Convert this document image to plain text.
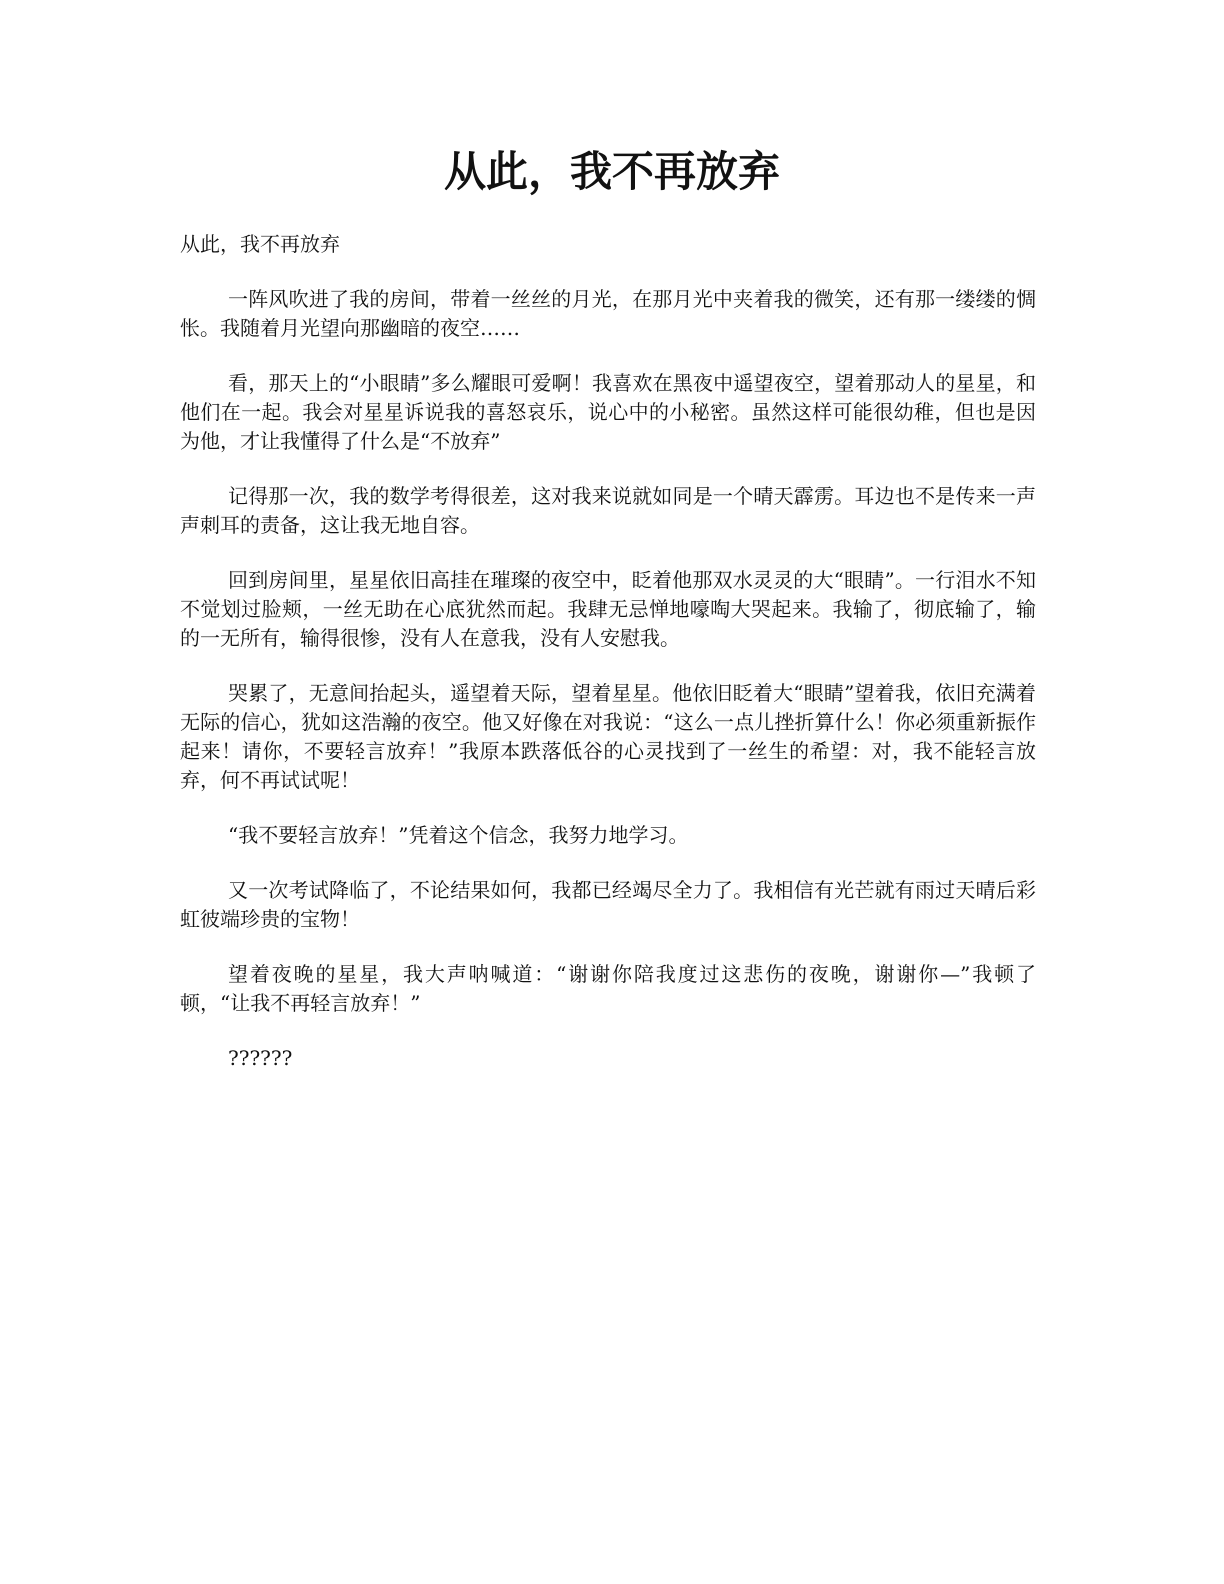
从此，我不再放弃

从此，我不再放弃

一阵风吹进了我的房间，带着一丝丝的月光，在那月光中夹着我的微笑，还有那一缕缕的惆怅。我随着月光望向那幽暗的夜空……

看，那天上的“小眼睛”多么耀眼可爱啊！我喜欢在黑夜中遥望夜空，望着那动人的星星，和他们在一起。我会对星星诉说我的喜怒哀乐，说心中的小秘密。虽然这样可能很幼稚，但也是因为他，才让我懂得了什么是“不放弃”

记得那一次，我的数学考得很差，这对我来说就如同是一个晴天霹雳。耳边也不是传来一声声刺耳的责备，这让我无地自容。

回到房间里，星星依旧高挂在璀璨的夜空中，眨着他那双水灵灵的大“眼睛”。一行泪水不知不觉划过脸颊，一丝无助在心底犹然而起。我肆无忌惮地嚎啕大哭起来。我输了，彻底输了，输的一无所有，输得很惨，没有人在意我，没有人安慰我。

哭累了，无意间抬起头，遥望着天际，望着星星。他依旧眨着大“眼睛”望着我，依旧充满着无际的信心，犹如这浩瀚的夜空。他又好像在对我说：“这么一点儿挫折算什么！你必须重新振作起来！请你，不要轻言放弃！”我原本跌落低谷的心灵找到了一丝生的希望：对，我不能轻言放弃，何不再试试呢！

“我不要轻言放弃！”凭着这个信念，我努力地学习。

又一次考试降临了，不论结果如何，我都已经竭尽全力了。我相信有光芒就有雨过天晴后彩虹彼端珍贵的宝物！

望着夜晚的星星，我大声呐喊道：“谢谢你陪我度过这悲伤的夜晚，谢谢你—”我顿了顿，“让我不再轻言放弃！”

??????
